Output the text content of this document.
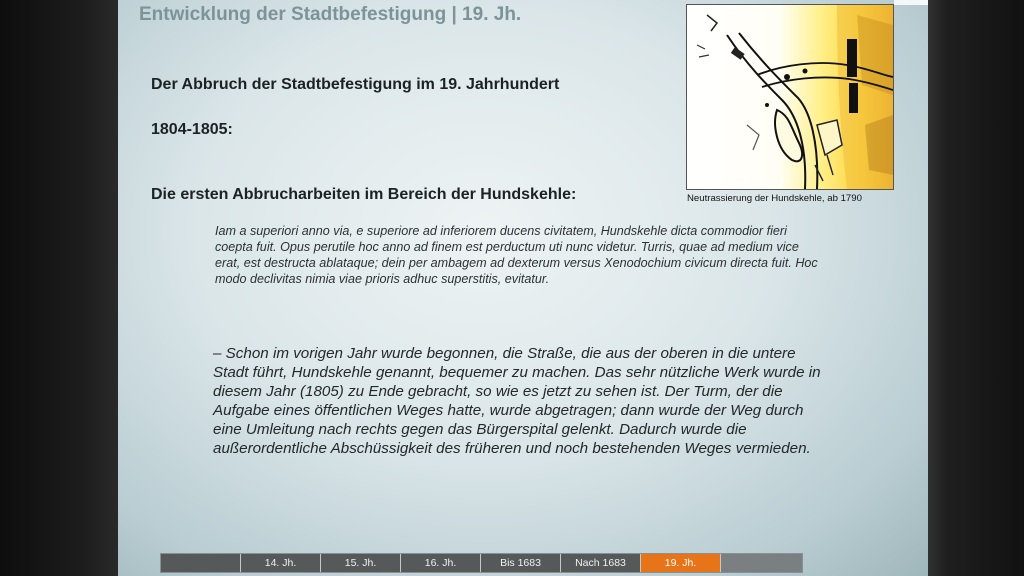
Entwicklung der Stadtbefestigung | 19. Jh.
Der Abbruch der Stadtbefestigung im 19. Jahrhundert
1804-1805:
Die ersten Abbrucharbeiten im Bereich der Hundskehle:
Iam a superiori anno via, e superiore ad inferiorem ducens civitatem, Hundskehle dicta commodior fieri coepta fuit. Opus perutile hoc anno ad finem est perductum uti nunc videtur. Turris, quae ad medium vice erat, est destructa ablataque; dein per ambagem ad dexterum versus Xenodochium civicum directa fuit. Hoc modo declivitas nimia viae prioris adhuc superstitis, evitatur.
– Schon im vorigen Jahr wurde begonnen, die Straße, die aus der oberen in die untere Stadt führt, Hundskehle genannt, bequemer zu machen. Das sehr nützliche Werk wurde in diesem Jahr (1805) zu Ende gebracht, so wie es jetzt zu sehen ist. Der Turm, der die Aufgabe eines öffentlichen Weges hatte, wurde abgetragen; dann wurde der Weg durch eine Umleitung nach rechts gegen das Bürgerspital gelenkt. Dadurch wurde die außerordentliche Abschüssigkeit des früheren und noch bestehenden Weges vermieden.
Neutrassierung der Hundskehle, ab 1790
14. Jh.	15. Jh.	16. Jh.	Bis 1683	Nach 1683	19. Jh.
